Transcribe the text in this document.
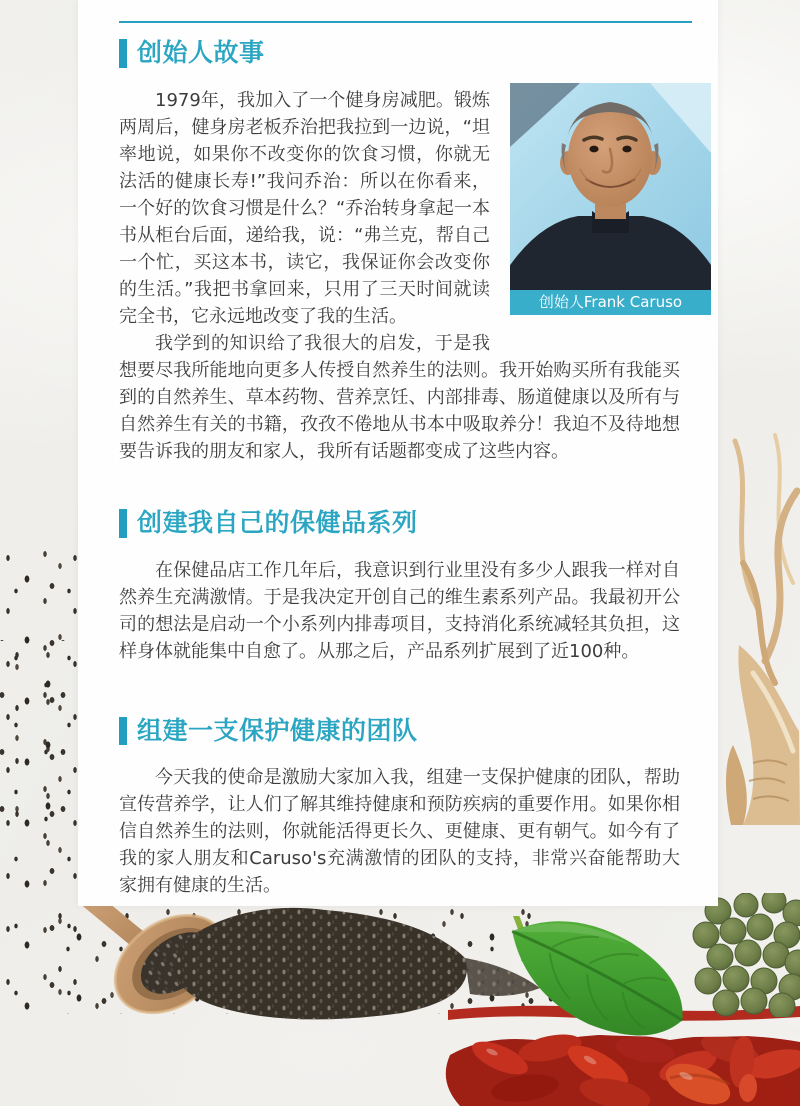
创始人故事
创始人Frank Caruso

1979年，我加入了一个健身房减肥。锻炼两周后，健身房老板乔治把我拉到一边说，“坦率地说，如果你不改变你的饮食习惯，你就无法活的健康长寿!”我问乔治：所以在你看来，一个好的饮食习惯是什么？“乔治转身拿起一本书从柜台后面，递给我，说：“弗兰克，帮自己一个忙，买这本书，读它，我保证你会改变你的生活。”我把书拿回来，只用了三天时间就读完全书，它永远地改变了我的生活。

我学到的知识给了我很大的启发，于是我想要尽我所能地向更多人传授自然养生的法则。我开始购买所有我能买到的自然养生、草本药物、营养烹饪、内部排毒、肠道健康以及所有与自然养生有关的书籍，孜孜不倦地从书本中吸取养分！我迫不及待地想要告诉我的朋友和家人，我所有话题都变成了这些内容。

创建我自己的保健品系列

在保健品店工作几年后，我意识到行业里没有多少人跟我一样对自然养生充满激情。于是我决定开创自己的维生素系列产品。我最初开公司的想法是启动一个小系列内排毒项目，支持消化系统减轻其负担，这样身体就能集中自愈了。从那之后，产品系列扩展到了近100种。

组建一支保护健康的团队

今天我的使命是激励大家加入我，组建一支保护健康的团队，帮助宣传营养学，让人们了解其维持健康和预防疾病的重要作用。如果你相信自然养生的法则，你就能活得更长久、更健康、更有朝气。如今有了我的家人朋友和Caruso's充满激情的团队的支持，非常兴奋能帮助大家拥有健康的生活。
